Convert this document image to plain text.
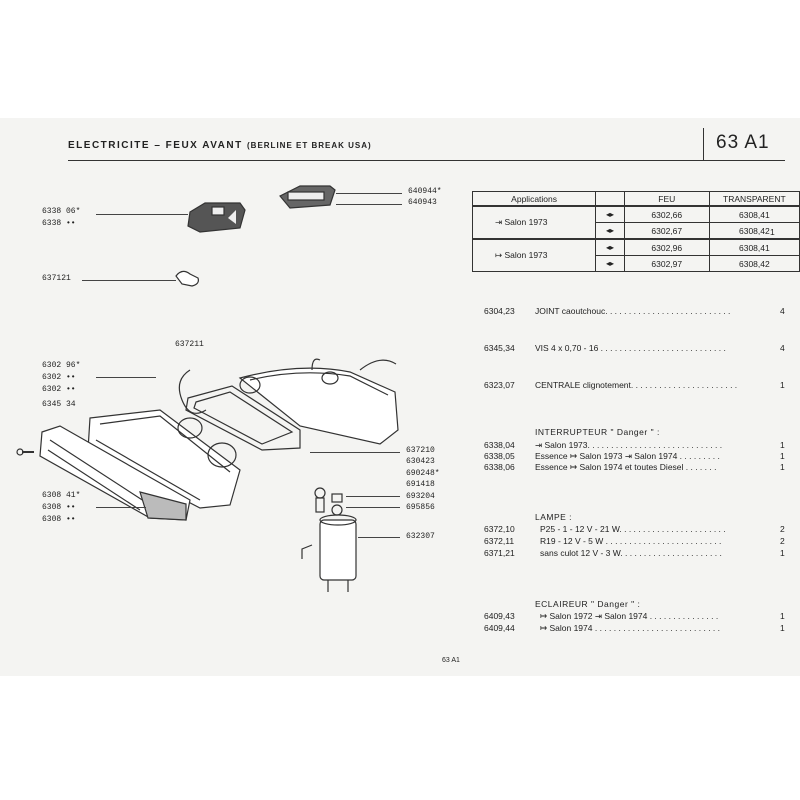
ELECTRICITE – FEUX AVANT (BERLINE ET BREAK USA)	63 A1
640944*
640943
6338 06*
6338 ••
637121
637211
6302 96*
6302 ••
6302 ••
6345 34
637210
630423
690248*
691418
693204
695856
632307
6308 41*
6308 ••
6308 ••
Applications		FEU	TRANSPARENT
⇥ Salon 1973	◂▸	6302,66	6308,41
	◂▸	6302,67	6308,42
↦ Salon 1973	◂▸	6302,96	6308,41
	◂▸	6302,97	6308,42
1
6304,23 JOINT caoutchouc. . . . . . . . . . . . . . . . . . . . . . . . . . .	4
6345,34 VIS 4 x 0,70 - 16 . . . . . . . . . . . . . . . . . . . . . . . . . . .	4
6323,07 CENTRALE clignotement. . . . . . . . . . . . . . . . . . . . . . .	1
INTERRUPTEUR " Danger " :
6338,04 ⇥ Salon 1973. . . . . . . . . . . . . . . . . . . . . . . . . . . . .	1
6338,05 Essence ↦ Salon 1973 ⇥ Salon 1974 . . . . . . . . .	1
6338,06 Essence ↦ Salon 1974 et toutes Diesel . . . . . . .	1
LAMPE :
6372,10	P25 - 1 - 12 V - 21 W. . . . . . . . . . . . . . . . . . . . . . .	2
6372,11	R19 - 12 V - 5 W . . . . . . . . . . . . . . . . . . . . . . . . .	2
6371,21	sans culot 12 V - 3 W. . . . . . . . . . . . . . . . . . . . . .	1
ECLAIREUR " Danger " :
6409,43	↦ Salon 1972 ⇥ Salon 1974 . . . . . . . . . . . . . . .	1
6409,44	↦ Salon 1974 . . . . . . . . . . . . . . . . . . . . . . . . . . .	1
63 A1
